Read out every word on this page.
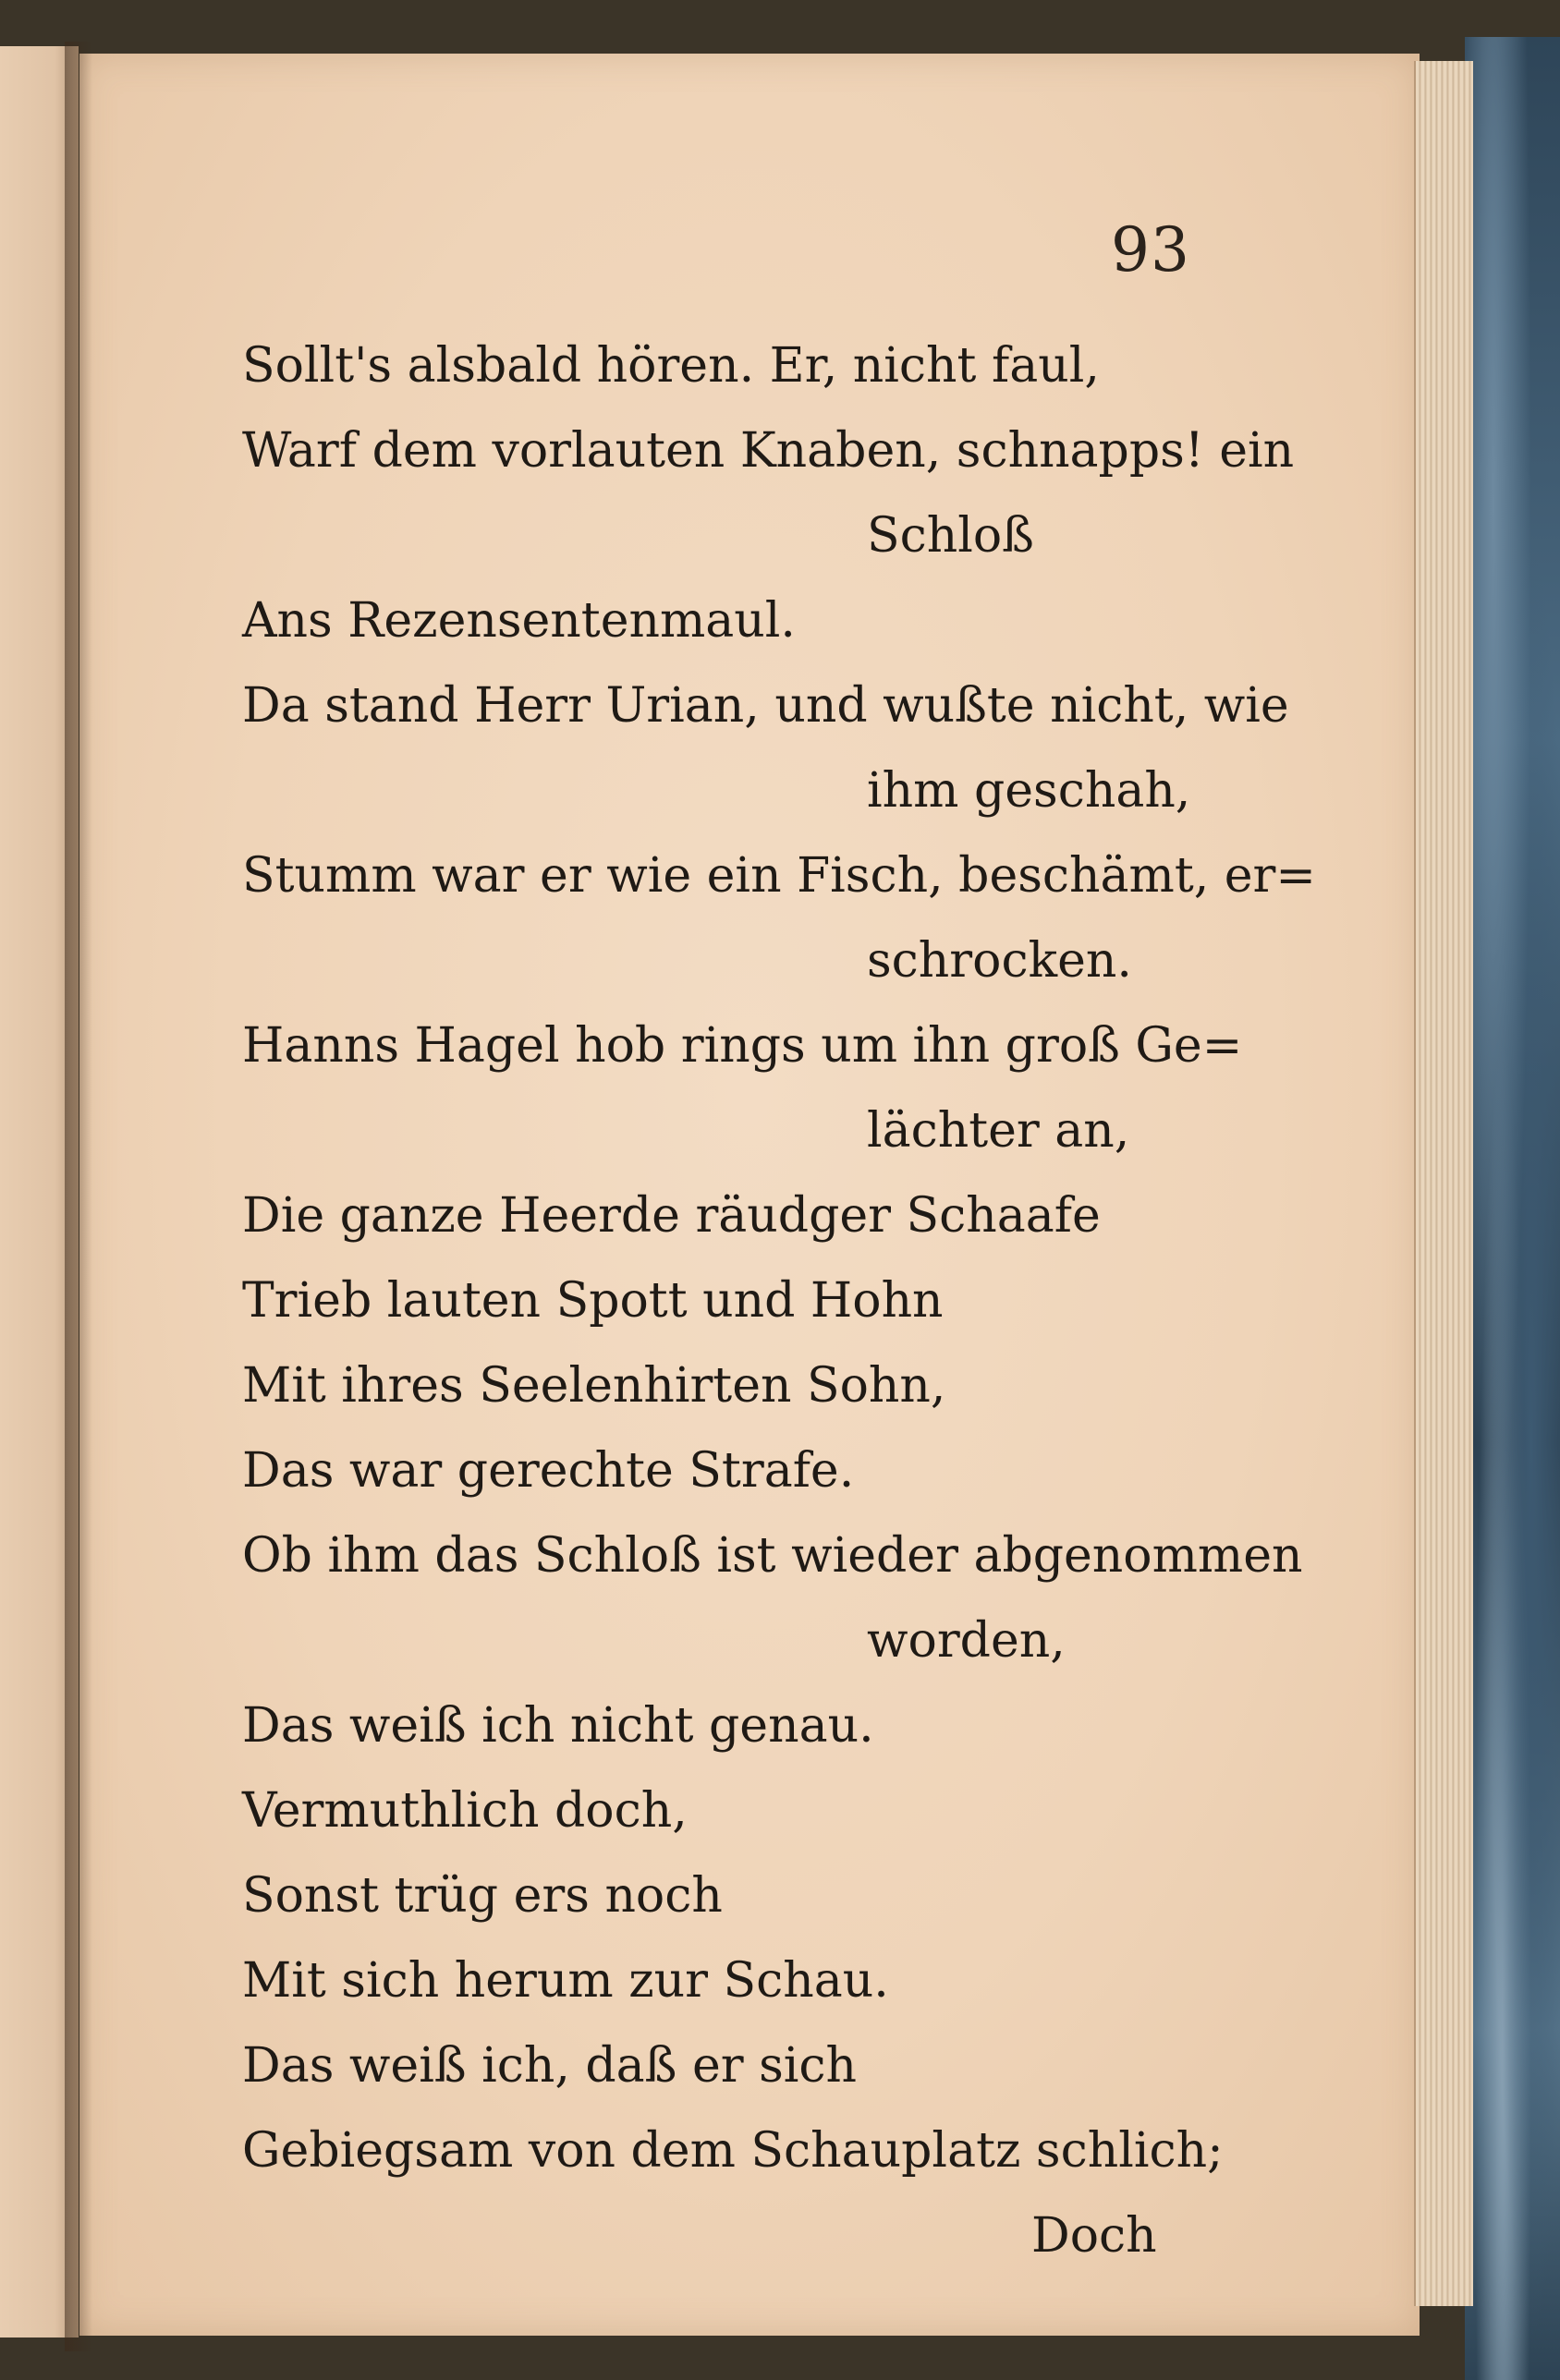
93
Sollt's alsbald hören. Er, nicht faul,
Warf dem vorlauten Knaben, schnapps! ein
Schloß
Ans Rezensentenmaul.
Da stand Herr Urian, und wußte nicht, wie
ihm geschah,
Stumm war er wie ein Fisch, beschämt, er=
schrocken.
Hanns Hagel hob rings um ihn groß Ge=
lächter an,
Die ganze Heerde räudger Schaafe
Trieb lauten Spott und Hohn
Mit ihres Seelenhirten Sohn,
Das war gerechte Strafe.
Ob ihm das Schloß ist wieder abgenommen
worden,
Das weiß ich nicht genau.
Vermuthlich doch,
Sonst trüg ers noch
Mit sich herum zur Schau.
Das weiß ich, daß er sich
Gebiegsam von dem Schauplatz schlich;
Doch
